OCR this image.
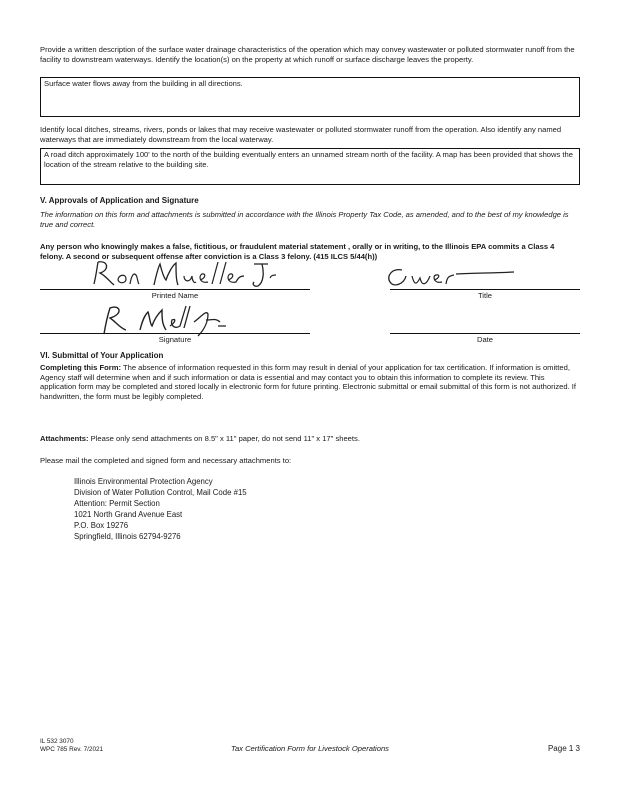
Provide a written description of the surface water drainage characteristics of the operation which may convey wastewater or polluted stormwater runoff from the facility to downstream waterways. Identify the location(s) on the property at which runoff or surface discharge leaves the property.
Surface water flows away from the building in all directions.
Identify local ditches, streams, rivers, ponds or lakes that may receive wastewater or polluted stormwater runoff from the operation. Also identify any named waterways that are immediately downstream from the local waterway.
A road ditch approximately 100' to the north of the building eventually enters an unnamed stream north of the facility. A map has been provided that shows the location of the stream relative to the building site.
V. Approvals of Application and Signature
The information on this form and attachments is submitted in accordance with the Illinois Property Tax Code, as amended, and to the best of my knowledge is true and correct.
Any person who knowingly makes a false, fictitious, or fraudulent material statement , orally or in writing, to the Illinois EPA commits a Class 4 felony. A second or subsequent offense after conviction is a Class 3 felony. (415 ILCS 5/44(h))
Printed Name	Title
Signature	Date
VI. Submittal of Your Application
Completing this Form: The absence of information requested in this form may result in denial of your application for tax certification. If information is omitted, Agency staff will determine when and if such information or data is essential and may contact you to obtain this information to complete its review. This application form may be completed and stored locally in electronic form for future printing. Electronic submittal or email submittal of this form is not authorized. If handwritten, the form must be legibly completed.
Attachments: Please only send attachments on 8.5" x 11" paper, do not send 11" x 17" sheets.
Please mail the completed and signed form and necessary attachments to:
Illinois Environmental Protection Agency
Division of Water Pollution Control, Mail Code #15
Attention: Permit Section
1021 North Grand Avenue East
P.O. Box 19276
Springfield, Illinois 62794-9276
IL 532 3070
WPC 785 Rev. 7/2021	Tax Certification Form for Livestock Operations	Page 1 3
